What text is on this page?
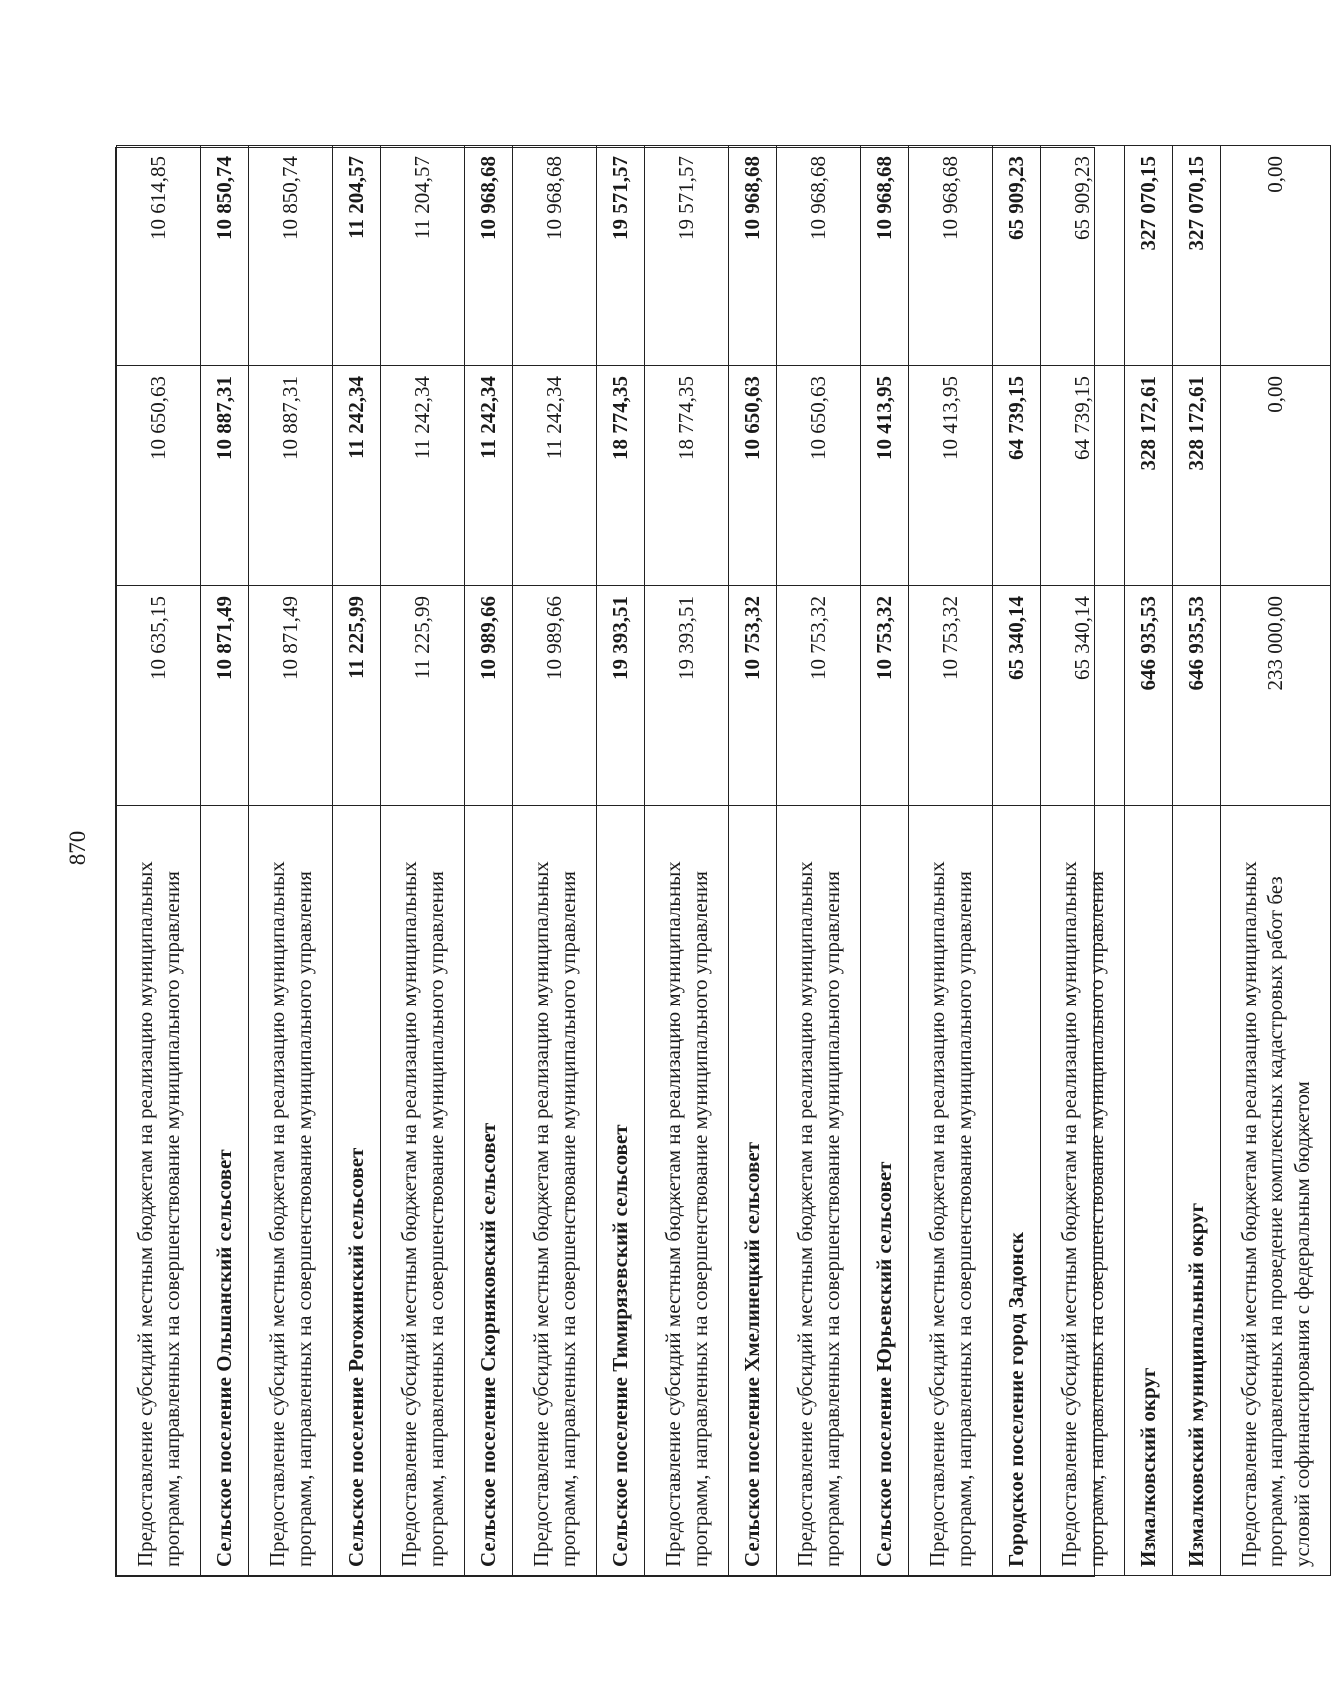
870
Предоставление субсидий местным бюджетам на реализацию муниципальных программ, направленных на совершенствование муниципального управления	10 635,15	10 650,63	10 614,85
Сельское поселение Ольшанский сельсовет	10 871,49	10 887,31	10 850,74
Предоставление субсидий местным бюджетам на реализацию муниципальных программ, направленных на совершенствование муниципального управления	10 871,49	10 887,31	10 850,74
Сельское поселение Рогожинский сельсовет	11 225,99	11 242,34	11 204,57
Предоставление субсидий местным бюджетам на реализацию муниципальных программ, направленных на совершенствование муниципального управления	11 225,99	11 242,34	11 204,57
Сельское поселение Скорняковский сельсовет	10 989,66	11 242,34	10 968,68
Предоставление субсидий местным бюджетам на реализацию муниципальных программ, направленных на совершенствование муниципального управления	10 989,66	11 242,34	10 968,68
Сельское поселение Тимирязевский сельсовет	19 393,51	18 774,35	19 571,57
Предоставление субсидий местным бюджетам на реализацию муниципальных программ, направленных на совершенствование муниципального управления	19 393,51	18 774,35	19 571,57
Сельское поселение Хмелинецкий сельсовет	10 753,32	10 650,63	10 968,68
Предоставление субсидий местным бюджетам на реализацию муниципальных программ, направленных на совершенствование муниципального управления	10 753,32	10 650,63	10 968,68
Сельское поселение Юрьевский сельсовет	10 753,32	10 413,95	10 968,68
Предоставление субсидий местным бюджетам на реализацию муниципальных программ, направленных на совершенствование муниципального управления	10 753,32	10 413,95	10 968,68
Городское поселение город Задонск	65 340,14	64 739,15	65 909,23
Предоставление субсидий местным бюджетам на реализацию муниципальных программ, направленных на совершенствование муниципального управления	65 340,14	64 739,15	65 909,23
Измалковский округ	646 935,53	328 172,61	327 070,15
Измалковский муниципальный округ	646 935,53	328 172,61	327 070,15
Предоставление субсидий местным бюджетам на реализацию муниципальных программ, направленных на проведение комплексных кадастровых работ без условий софинансирования с федеральным бюджетом	233 000,00	0,00	0,00
